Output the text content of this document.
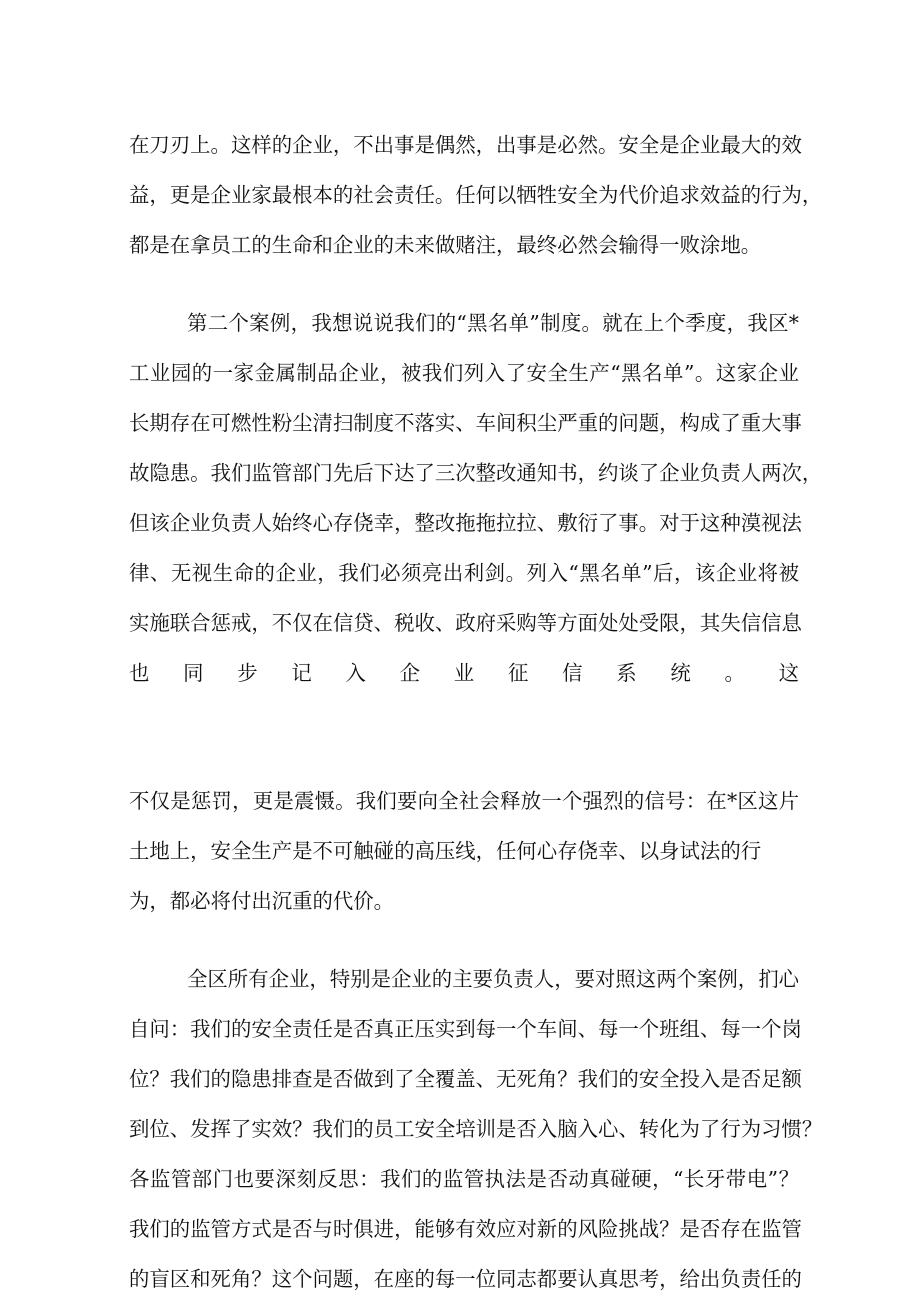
在刀刃上。这样的企业，不出事是偶然，出事是必然。安全是企业最大的效
益，更是企业家最根本的社会责任。任何以牺牲安全为代价追求效益的行为，
都是在拿员工的生命和企业的未来做赌注，最终必然会输得一败涂地。
第二个案例，我想说说我们的“黑名单”制度。就在上个季度，我区*
工业园的一家金属制品企业，被我们列入了安全生产“黑名单”。这家企业
长期存在可燃性粉尘清扫制度不落实、车间积尘严重的问题，构成了重大事
故隐患。我们监管部门先后下达了三次整改通知书，约谈了企业负责人两次，
但该企业负责人始终心存侥幸，整改拖拖拉拉、敷衍了事。对于这种漠视法
律、无视生命的企业，我们必须亮出利剑。列入“黑名单”后，该企业将被
实施联合惩戒，不仅在信贷、税收、政府采购等方面处处受限，其失信信息
也同步记入企业征信系统。这
不仅是惩罚，更是震慑。我们要向全社会释放一个强烈的信号：在*区这片
土地上，安全生产是不可触碰的高压线，任何心存侥幸、以身试法的行
为，都必将付出沉重的代价。
全区所有企业，特别是企业的主要负责人，要对照这两个案例，扪心
自问：我们的安全责任是否真正压实到每一个车间、每一个班组、每一个岗
位？我们的隐患排查是否做到了全覆盖、无死角？我们的安全投入是否足额
到位、发挥了实效？我们的员工安全培训是否入脑入心、转化为了行为习惯？
各监管部门也要深刻反思：我们的监管执法是否动真碰硬，“长牙带电”？
我们的监管方式是否与时俱进，能够有效应对新的风险挑战？是否存在监管
的盲区和死角？这个问题，在座的每一位同志都要认真思考，给出负责任的
